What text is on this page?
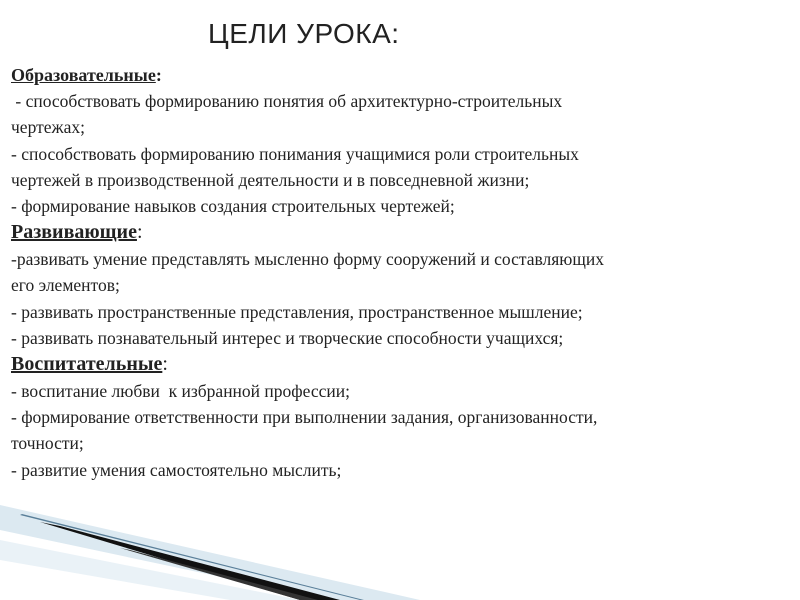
ЦЕЛИ УРОКА:

Образовательные:

- способствовать формированию понятия об архитектурно-строительных

чертежах;

- способствовать формированию понимания учащимися роли строительных

чертежей в производственной деятельности и в повседневной жизни;

- формирование навыков создания строительных чертежей;

Развивающие:

-развивать умение представлять мысленно форму сооружений и составляющих

его элементов;

- развивать пространственные представления, пространственное мышление;

- развивать познавательный интерес и творческие способности учащихся;

Воспитательные:

- воспитание любви  к избранной профессии;

- формирование ответственности при выполнении задания, организованности,

точности;

- развитие умения самостоятельно мыслить;
